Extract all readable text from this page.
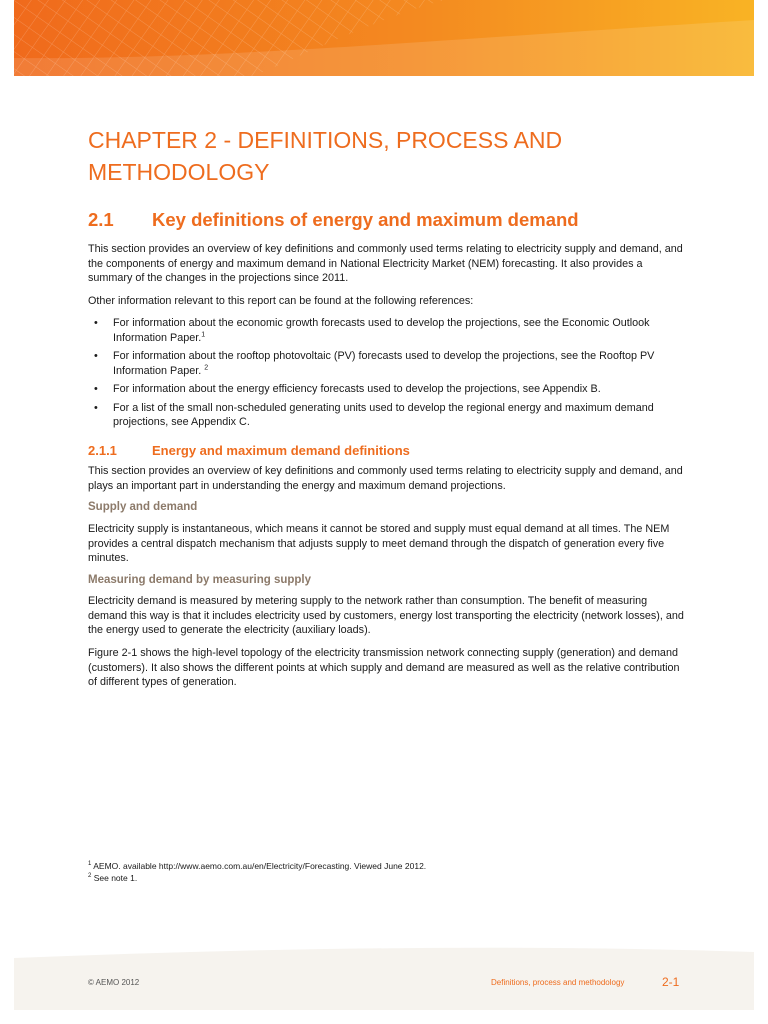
CHAPTER 2 - DEFINITIONS, PROCESS AND METHODOLOGY
2.1 Key definitions of energy and maximum demand

This section provides an overview of key definitions and commonly used terms relating to electricity supply and demand, and the components of energy and maximum demand in National Electricity Market (NEM) forecasting. It also provides a summary of the changes in the projections since 2011.

Other information relevant to this report can be found at the following references:

• For information about the economic growth forecasts used to develop the projections, see the Economic Outlook Information Paper.$^1$
• For information about the rooftop photovoltaic (PV) forecasts used to develop the projections, see the Rooftop PV Information Paper. $^2$
• For information about the energy efficiency forecasts used to develop the projections, see Appendix B.
• For a list of the small non-scheduled generating units used to develop the regional energy and maximum demand projections, see Appendix C.
2.1.1	Energy and maximum demand definitions

This section provides an overview of key definitions and commonly used terms relating to electricity supply and demand, and plays an important part in understanding the energy and maximum demand projections.

Supply and demand

Electricity supply is instantaneous, which means it cannot be stored and supply must equal demand at all times. The NEM provides a central dispatch mechanism that adjusts supply to meet demand through the dispatch of generation every five minutes.

Measuring demand by measuring supply

Electricity demand is measured by metering supply to the network rather than consumption. The benefit of measuring demand this way is that it includes electricity used by customers, energy lost transporting the electricity (network losses), and the energy used to generate the electricity (auxiliary loads).

Figure 2-1 shows the high-level topology of the electricity transmission network connecting supply (generation) and demand (customers). It also shows the different points at which supply and demand are measured as well as the relative contribution of different types of generation.

$^1$ AEMO. available http://www.aemo.com.au/en/Electricity/Forecasting. Viewed June 2012.
$^2$ See note 1.
© AEMO 2012	Definitions, process and methodology	2-1
